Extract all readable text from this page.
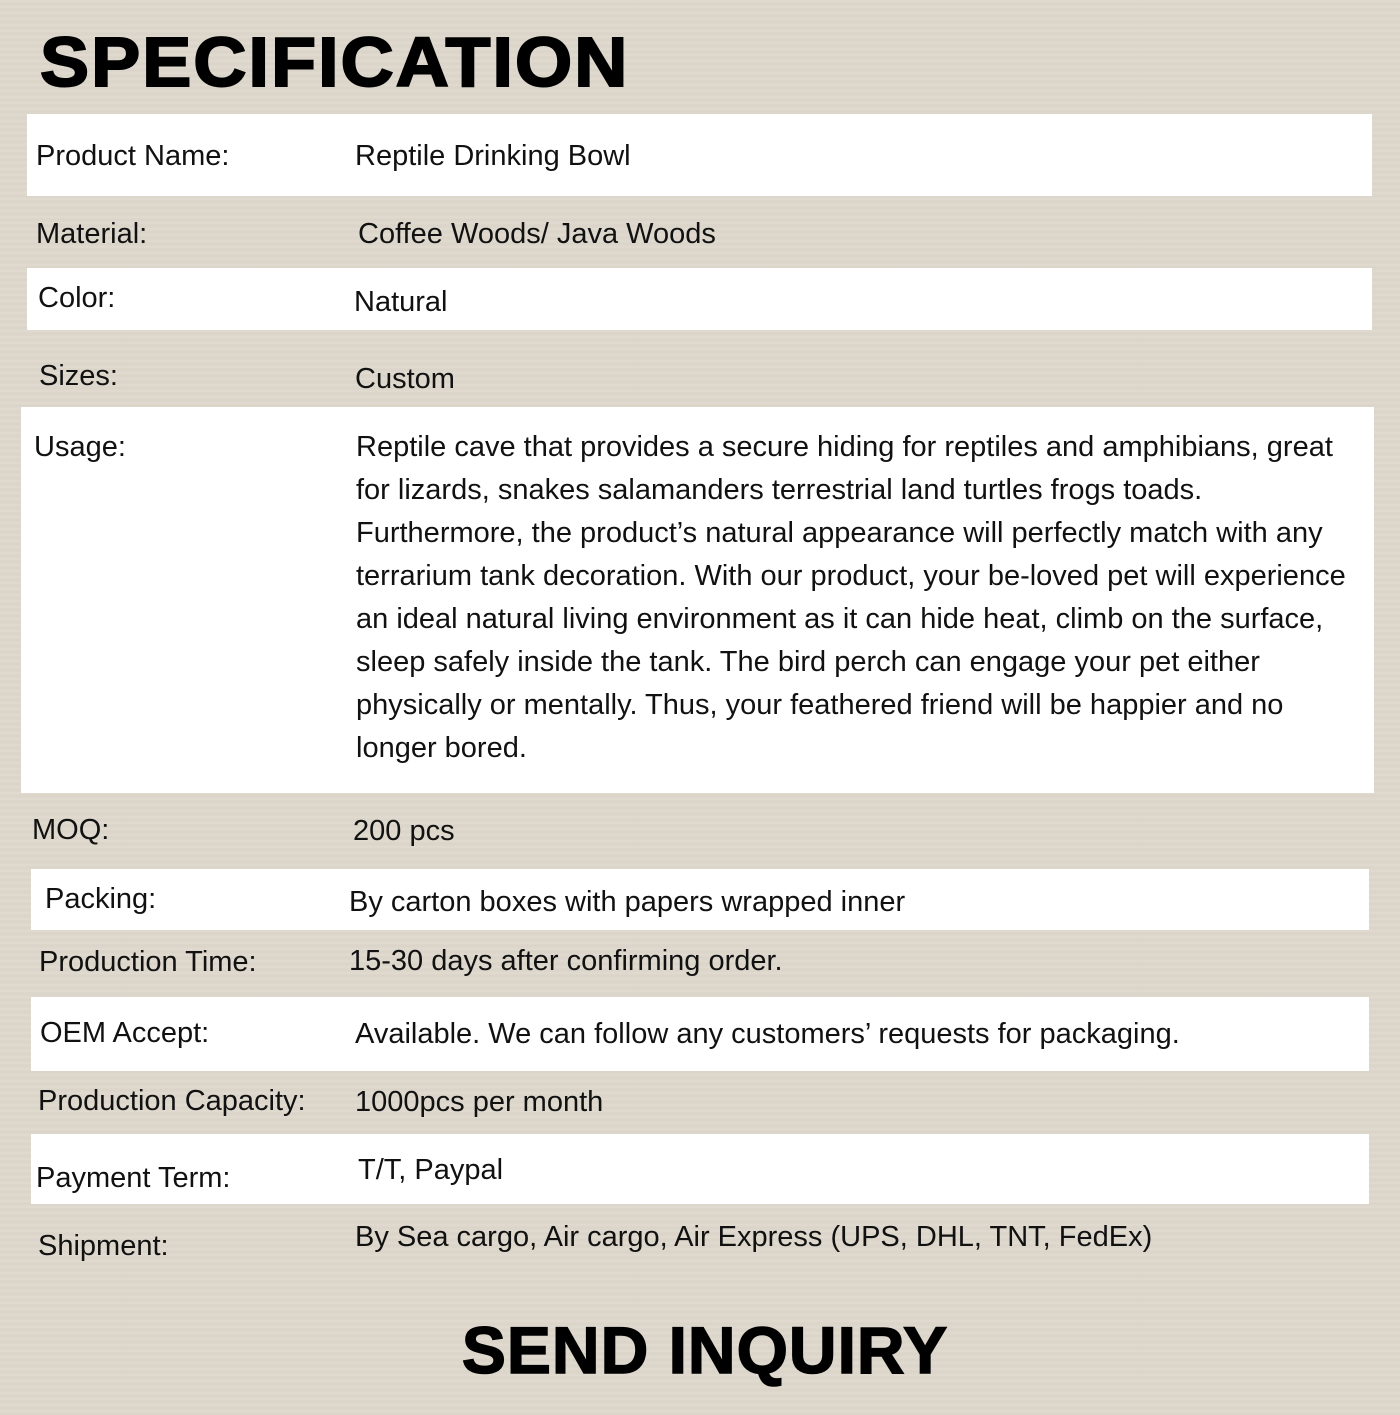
SPECIFICATION
Product Name:	Reptile Drinking Bowl
Material:	Coffee Woods/ Java Woods
Color:	Natural
Sizes:	Custom
Usage:	Reptile cave that provides a secure hiding for reptiles and amphibians, great for lizards, snakes salamanders terrestrial land turtles frogs toads. Furthermore, the product’s natural appearance will perfectly match with any terrarium tank decoration. With our product, your be-loved pet will experience an ideal natural living environment as it can hide heat, climb on the surface, sleep safely inside the tank. The bird perch can engage your pet either physically or mentally. Thus, your feathered friend will be happier and no longer bored.
MOQ:	200 pcs
Packing:	By carton boxes with papers wrapped inner
Production Time:	15-30 days after confirming order.
OEM Accept:	Available. We can follow any customers’ requests for packaging.
Production Capacity: 1000pcs per month
Payment Term:	T/T, Paypal
Shipment:	By Sea cargo, Air cargo, Air Express (UPS, DHL, TNT, FedEx)
SEND INQUIRY
